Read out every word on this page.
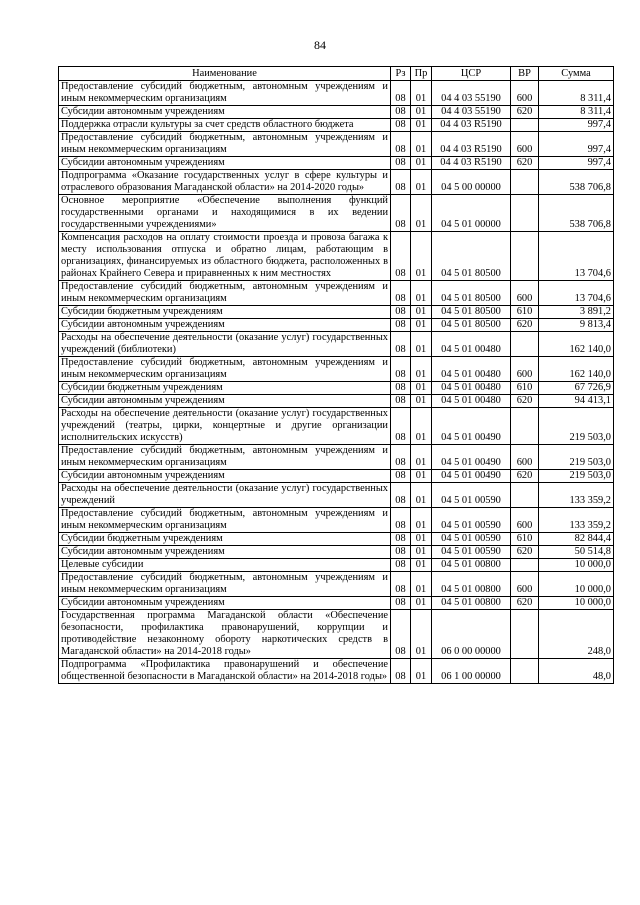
84
Наименование	Рз	Пр	ЦСР	ВР	Сумма
Предоставление субсидий бюджетным, автономным учреждениям и иным некоммерческим организациям	08	01	04 4 03 55190	600	8 311,4
Субсидии автономным учреждениям	08	01	04 4 03 55190	620	8 311,4
Поддержка отрасли культуры за счет средств областного бюджета	08	01	04 4 03 R5190		997,4
Предоставление субсидий бюджетным, автономным учреждениям и иным некоммерческим организациям	08	01	04 4 03 R5190	600	997,4
Субсидии автономным учреждениям	08	01	04 4 03 R5190	620	997,4
Подпрограмма «Оказание государственных услуг в сфере культуры и отраслевого образования Магаданской области» на 2014-2020 годы»	08	01	04 5 00 00000		538 706,8
Основное мероприятие «Обеспечение выполнения функций государственными органами и находящимися в их ведении государственными учреждениями»	08	01	04 5 01 00000		538 706,8
Компенсация расходов на оплату стоимости проезда и провоза багажа к месту использования отпуска и обратно лицам, работающим в организациях, финансируемых из областного бюджета, расположенных в районах Крайнего Севера и приравненных к ним местностях	08	01	04 5 01 80500		13 704,6
Предоставление субсидий бюджетным, автономным учреждениям и иным некоммерческим организациям	08	01	04 5 01 80500	600	13 704,6
Субсидии бюджетным учреждениям	08	01	04 5 01 80500	610	3 891,2
Субсидии автономным учреждениям	08	01	04 5 01 80500	620	9 813,4
Расходы на обеспечение деятельности (оказание услуг) государственных учреждений (библиотеки)	08	01	04 5 01 00480		162 140,0
Предоставление субсидий бюджетным, автономным учреждениям и иным некоммерческим организациям	08	01	04 5 01 00480	600	162 140,0
Субсидии бюджетным учреждениям	08	01	04 5 01 00480	610	67 726,9
Субсидии автономным учреждениям	08	01	04 5 01 00480	620	94 413,1
Расходы на обеспечение деятельности (оказание услуг) государственных учреждений (театры, цирки, концертные и другие организации исполнительских искусств)	08	01	04 5 01 00490		219 503,0
Предоставление субсидий бюджетным, автономным учреждениям и иным некоммерческим организациям	08	01	04 5 01 00490	600	219 503,0
Субсидии автономным учреждениям	08	01	04 5 01 00490	620	219 503,0
Расходы на обеспечение деятельности (оказание услуг) государственных учреждений	08	01	04 5 01 00590		133 359,2
Предоставление субсидий бюджетным, автономным учреждениям и иным некоммерческим организациям	08	01	04 5 01 00590	600	133 359,2
Субсидии бюджетным учреждениям	08	01	04 5 01 00590	610	82 844,4
Субсидии автономным учреждениям	08	01	04 5 01 00590	620	50 514,8
Целевые субсидии	08	01	04 5 01 00800		10 000,0
Предоставление субсидий бюджетным, автономным учреждениям и иным некоммерческим организациям	08	01	04 5 01 00800	600	10 000,0
Субсидии автономным учреждениям	08	01	04 5 01 00800	620	10 000,0
Государственная программа Магаданской области «Обеспечение безопасности, профилактика правонарушений, коррупции и противодействие незаконному обороту наркотических средств в Магаданской области» на 2014-2018 годы»	08	01	06 0 00 00000		248,0
Подпрограмма «Профилактика правонарушений и обеспечение общественной безопасности в Магаданской области» на 2014-2018 годы»	08	01	06 1 00 00000		48,0
